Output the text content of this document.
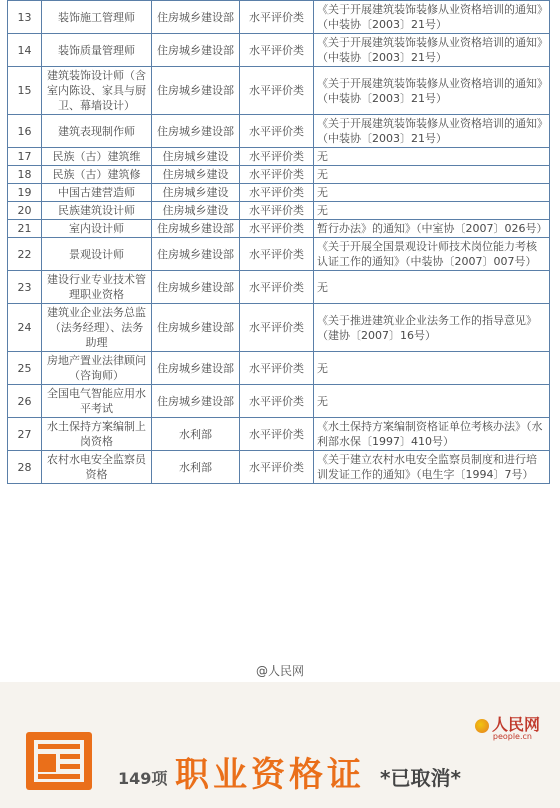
13	装饰施工管理师	住房城乡建设部	水平评价类	《关于开展建筑装饰装修从业资格培训的通知》（中装协〔2003〕21号）
14	装饰质量管理师	住房城乡建设部	水平评价类	《关于开展建筑装饰装修从业资格培训的通知》（中装协〔2003〕21号）
15	建筑装饰设计师（含室内陈设、家具与厨卫、幕墙设计）	住房城乡建设部	水平评价类	《关于开展建筑装饰装修从业资格培训的通知》（中装协〔2003〕21号）
16	建筑表现制作师	住房城乡建设部	水平评价类	《关于开展建筑装饰装修从业资格培训的通知》（中装协〔2003〕21号）
17	民族（古）建筑维	住房城乡建设	水平评价类	无
18	民族（古）建筑修	住房城乡建设	水平评价类	无
19	中国古建营造师	住房城乡建设	水平评价类	无
20	民族建筑设计师	住房城乡建设	水平评价类	无
21	室内设计师	住房城乡建设部	水平评价类	暂行办法》的通知》（中室协〔2007〕026号）
22	景观设计师	住房城乡建设部	水平评价类	《关于开展全国景观设计师技术岗位能力考核认证工作的通知》（中装协〔2007〕007号）
23	建设行业专业技术管理职业资格	住房城乡建设部	水平评价类	无
24	建筑业企业法务总监（法务经理）、法务助理	住房城乡建设部	水平评价类	《关于推进建筑业企业法务工作的指导意见》（建协〔2007〕16号）
25	房地产置业法律顾问（咨询师）	住房城乡建设部	水平评价类	无
26	全国电气智能应用水平考试	住房城乡建设部	水平评价类	无
27	水土保持方案编制上岗资格	水利部	水平评价类	《水土保持方案编制资格证单位考核办法》（水利部水保〔1997〕410号）
28	农村水电安全监察员资格	水利部	水平评价类	《关于建立农村水电安全监察员制度和进行培训发证工作的通知》（电生字〔1994〕7号）
@人民网
人民网
people.cn
149项 职业资格证 *已取消*
